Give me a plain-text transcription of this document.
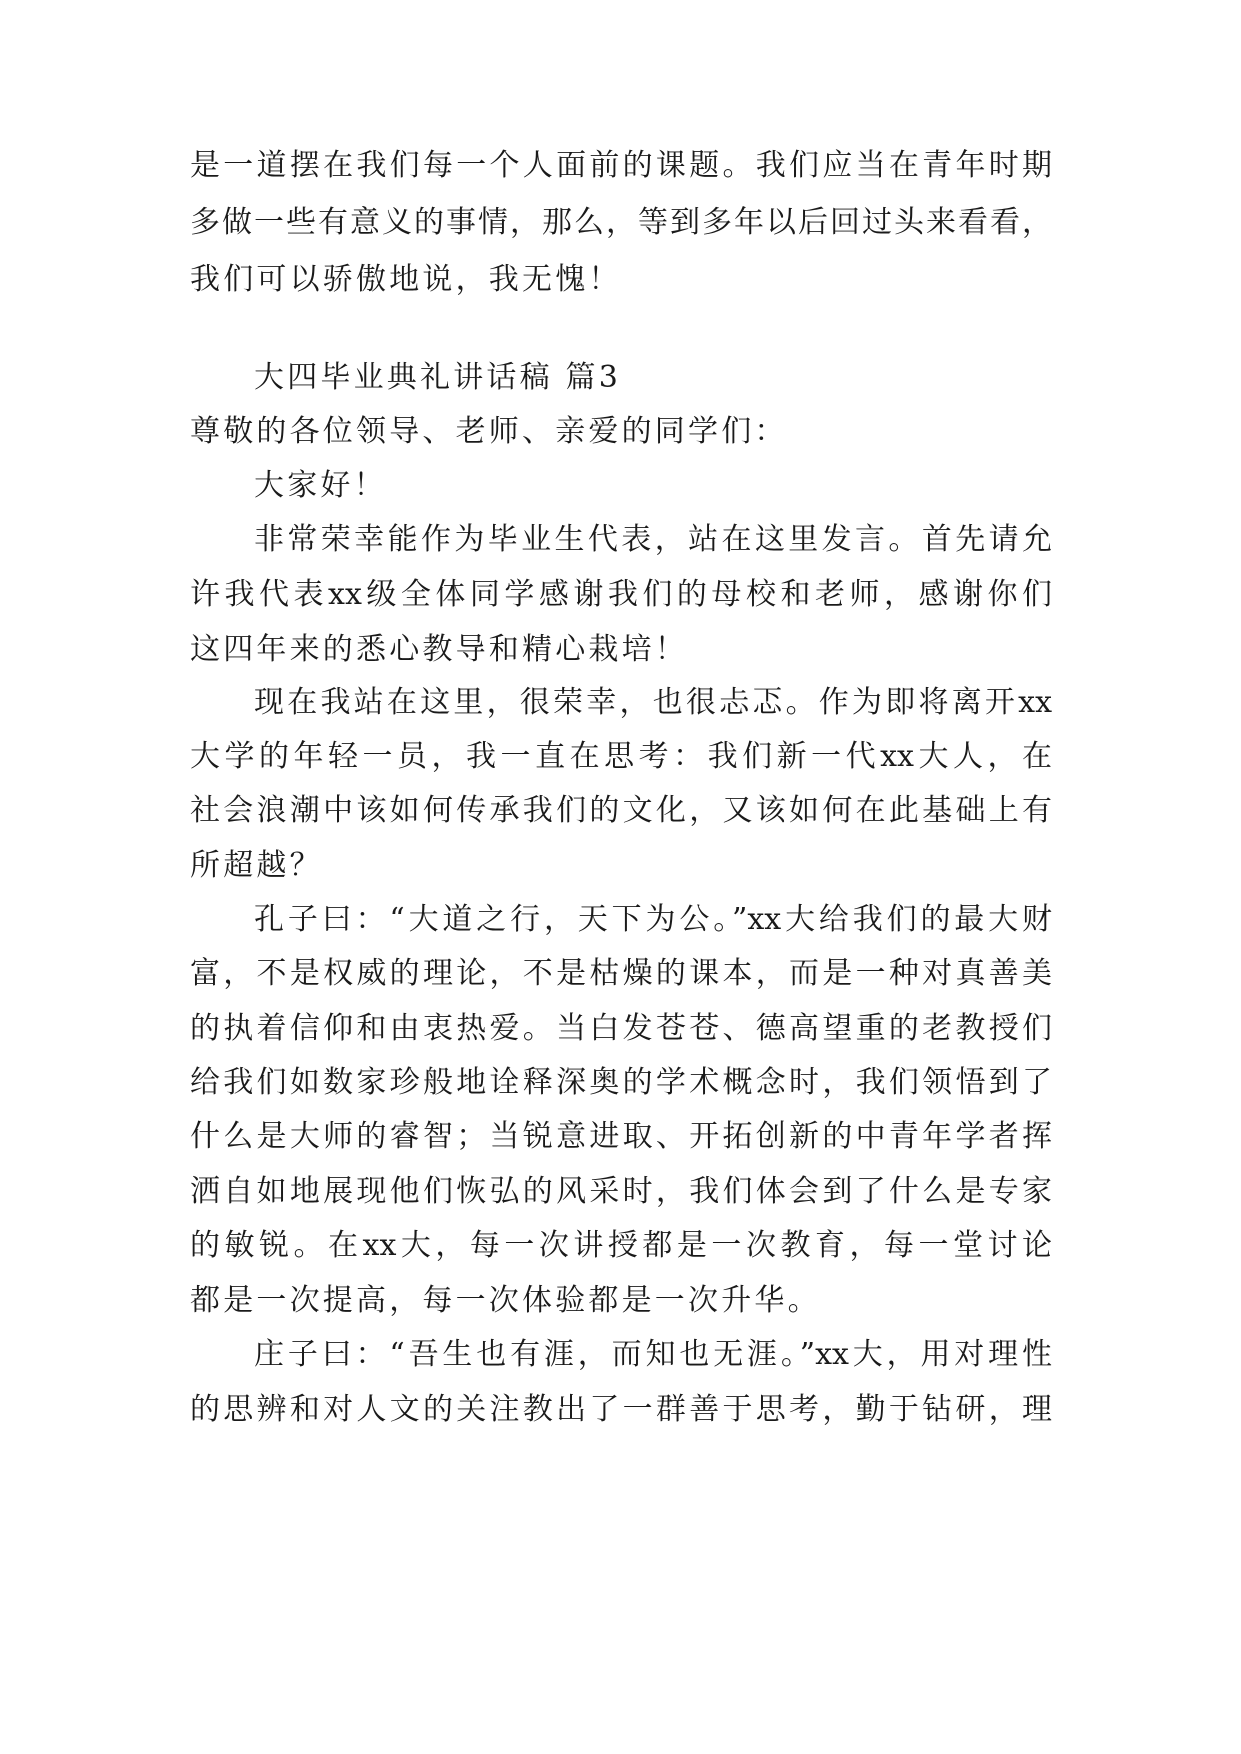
是一道摆在我们每一个人面前的课题。我们应当在青年时期
多做一些有意义的事情，那么，等到多年以后回过头来看看，
我们可以骄傲地说，我无愧！
大四毕业典礼讲话稿 篇3
尊敬的各位领导、老师、亲爱的同学们：
大家好！
非常荣幸能作为毕业生代表，站在这里发言。首先请允
许我代表xx级全体同学感谢我们的母校和老师，感谢你们
这四年来的悉心教导和精心栽培！
现在我站在这里，很荣幸，也很忐忑。作为即将离开xx
大学的年轻一员，我一直在思考：我们新一代xx大人，在
社会浪潮中该如何传承我们的文化，又该如何在此基础上有
所超越？
孔子曰：“大道之行，天下为公。”xx大给我们的最大财
富，不是权威的理论，不是枯燥的课本，而是一种对真善美
的执着信仰和由衷热爱。当白发苍苍、德高望重的老教授们
给我们如数家珍般地诠释深奥的学术概念时，我们领悟到了
什么是大师的睿智；当锐意进取、开拓创新的中青年学者挥
洒自如地展现他们恢弘的风采时，我们体会到了什么是专家
的敏锐。在xx大，每一次讲授都是一次教育，每一堂讨论
都是一次提高，每一次体验都是一次升华。
庄子曰：“吾生也有涯，而知也无涯。”xx大，用对理性
的思辨和对人文的关注教出了一群善于思考，勤于钻研，理
